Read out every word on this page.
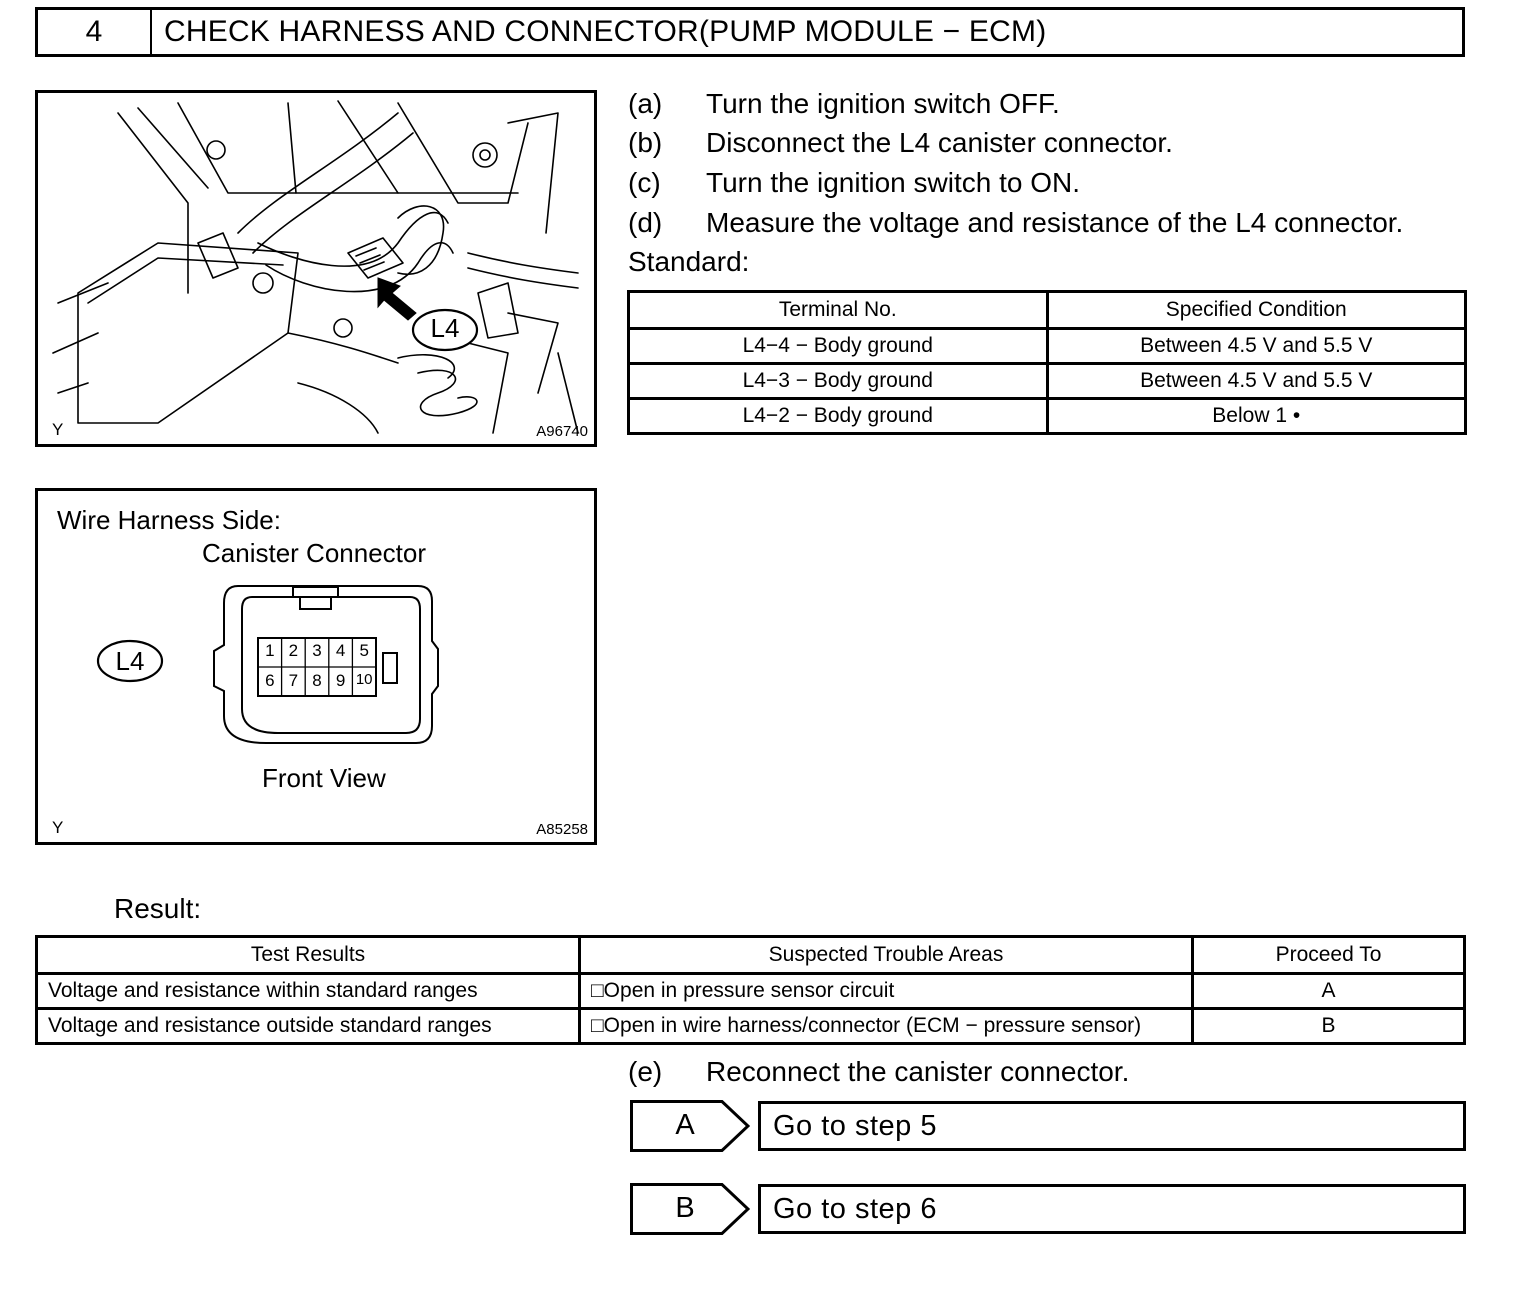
4	CHECK HARNESS AND CONNECTOR(PUMP MODULE − ECM)
L4
Y	A96740
Wire Harness Side:
Canister Connector
L4	1 2 3 4 5
6 7 8 9 10
Front View
Y	A85258
(a)	Turn the ignition switch OFF.
(b)	Disconnect the L4 canister connector.
(c)	Turn the ignition switch to ON.
(d)	Measure the voltage and resistance of the L4 connector.
Standard:
Terminal No.	Specified Condition
L4−4 − Body ground	Between 4.5 V and 5.5 V
L4−3 − Body ground	Between 4.5 V and 5.5 V
L4−2 − Body ground	Below 1 •
Result:
Test Results	Suspected Trouble Areas	Proceed To
Voltage and resistance within standard ranges	□Open in pressure sensor circuit	A
Voltage and resistance outside standard ranges	□Open in wire harness/connector (ECM − pressure sensor)	B
(e)	Reconnect the canister connector.
A	Go to step 5
B	Go to step 6
